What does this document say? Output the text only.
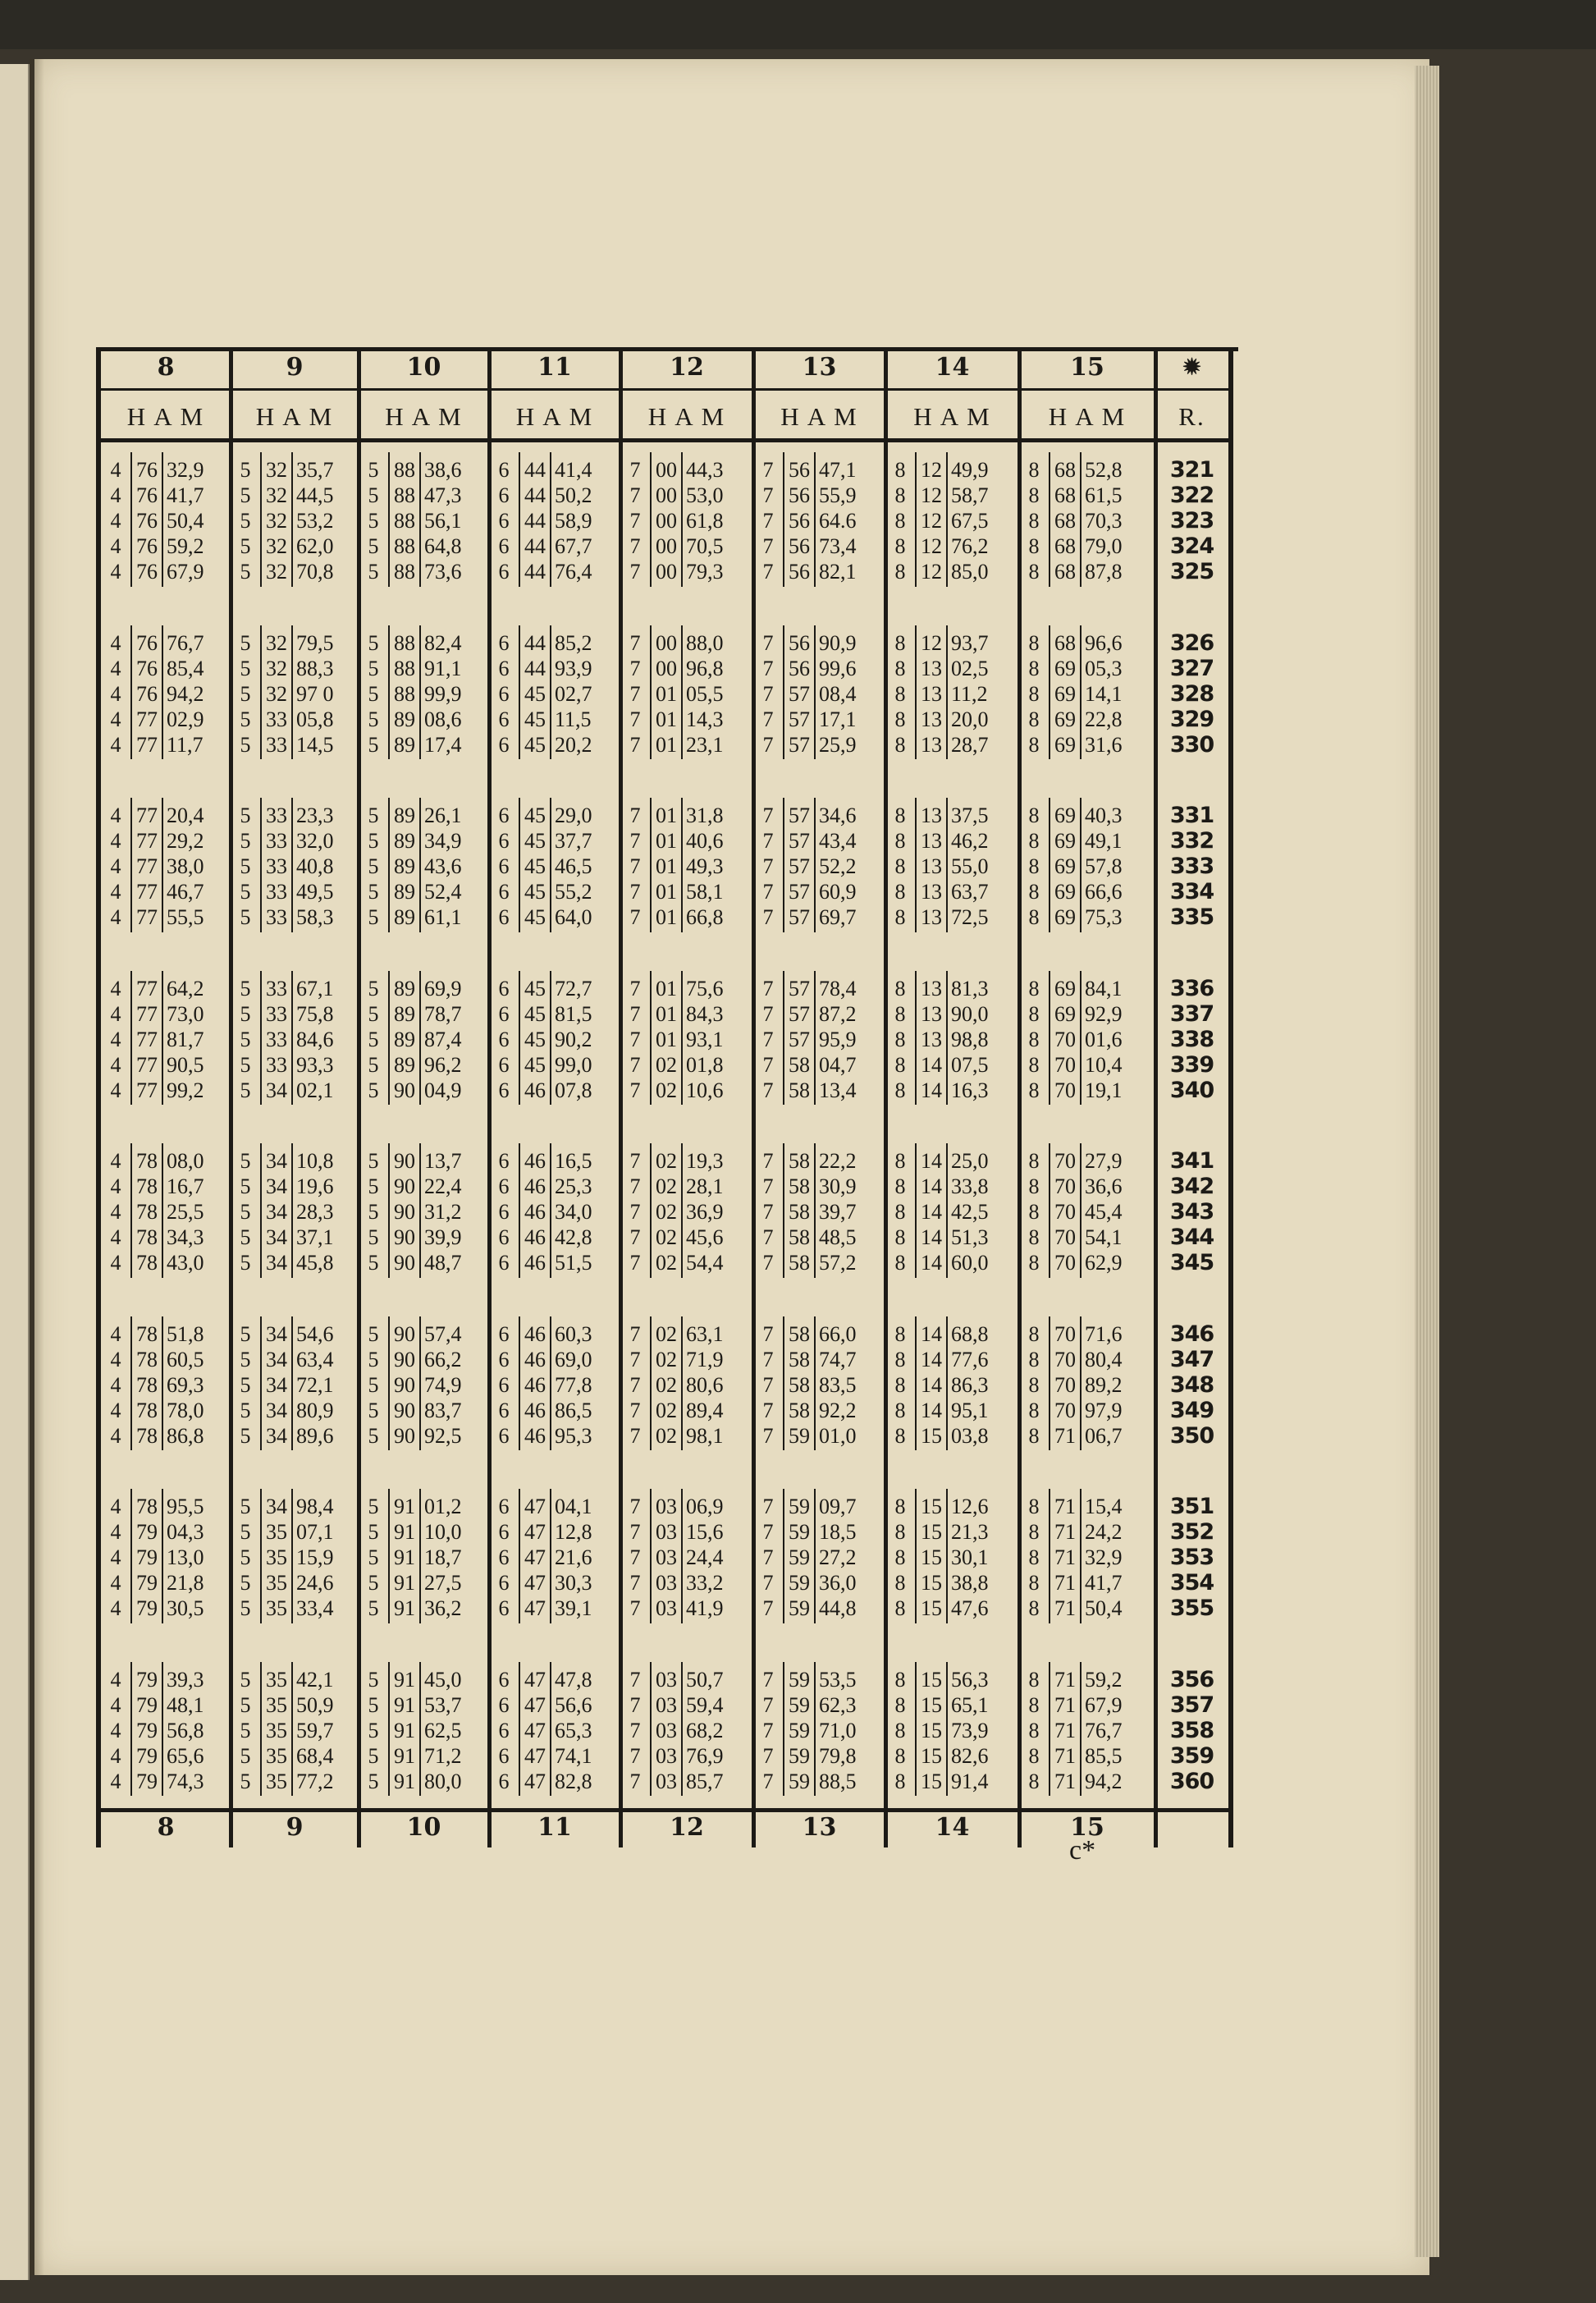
8	9	10	11	12	13	14	15
8	9	10	11	12	13	14	15
🟒
H A M	H A M	H A M	H A M	H A M	H A M	H A M	H A M	R.
4 76 32,9	5 32 35,7	5 88 38,6	6 44 41,4	7 00 44,3	7 56 47,1	8 12 49,9	8 68 52,8	321
4 76 41,7	5 32 44,5	5 88 47,3	6 44 50,2	7 00 53,0	7 56 55,9	8 12 58,7	8 68 61,5	322
4 76 50,4	5 32 53,2	5 88 56,1	6 44 58,9	7 00 61,8	7 56 64.6	8 12 67,5	8 68 70,3	323
4 76 59,2	5 32 62,0	5 88 64,8	6 44 67,7	7 00 70,5	7 56 73,4	8 12 76,2	8 68 79,0	324
4 76 67,9	5 32 70,8	5 88 73,6	6 44 76,4	7 00 79,3	7 56 82,1	8 12 85,0	8 68 87,8	325
4 76 76,7	5 32 79,5	5 88 82,4	6 44 85,2	7 00 88,0	7 56 90,9	8 12 93,7	8 68 96,6	326
4 76 85,4	5 32 88,3	5 88 91,1	6 44 93,9	7 00 96,8	7 56 99,6	8 13 02,5	8 69 05,3	327
4 76 94,2	5 32 97 0	5 88 99,9	6 45 02,7	7 01 05,5	7 57 08,4	8 13 11,2	8 69 14,1	328
4 77 02,9	5 33 05,8	5 89 08,6	6 45 11,5	7 01 14,3	7 57 17,1	8 13 20,0	8 69 22,8	329
4 77 11,7	5 33 14,5	5 89 17,4	6 45 20,2	7 01 23,1	7 57 25,9	8 13 28,7	8 69 31,6	330
4 77 20,4	5 33 23,3	5 89 26,1	6 45 29,0	7 01 31,8	7 57 34,6	8 13 37,5	8 69 40,3	331
4 77 29,2	5 33 32,0	5 89 34,9	6 45 37,7	7 01 40,6	7 57 43,4	8 13 46,2	8 69 49,1	332
4 77 38,0	5 33 40,8	5 89 43,6	6 45 46,5	7 01 49,3	7 57 52,2	8 13 55,0	8 69 57,8	333
4 77 46,7	5 33 49,5	5 89 52,4	6 45 55,2	7 01 58,1	7 57 60,9	8 13 63,7	8 69 66,6	334
4 77 55,5	5 33 58,3	5 89 61,1	6 45 64,0	7 01 66,8	7 57 69,7	8 13 72,5	8 69 75,3	335
4 77 64,2	5 33 67,1	5 89 69,9	6 45 72,7	7 01 75,6	7 57 78,4	8 13 81,3	8 69 84,1	336
4 77 73,0	5 33 75,8	5 89 78,7	6 45 81,5	7 01 84,3	7 57 87,2	8 13 90,0	8 69 92,9	337
4 77 81,7	5 33 84,6	5 89 87,4	6 45 90,2	7 01 93,1	7 57 95,9	8 13 98,8	8 70 01,6	338
4 77 90,5	5 33 93,3	5 89 96,2	6 45 99,0	7 02 01,8	7 58 04,7	8 14 07,5	8 70 10,4	339
4 77 99,2	5 34 02,1	5 90 04,9	6 46 07,8	7 02 10,6	7 58 13,4	8 14 16,3	8 70 19,1	340
4 78 08,0	5 34 10,8	5 90 13,7	6 46 16,5	7 02 19,3	7 58 22,2	8 14 25,0	8 70 27,9	341
4 78 16,7	5 34 19,6	5 90 22,4	6 46 25,3	7 02 28,1	7 58 30,9	8 14 33,8	8 70 36,6	342
4 78 25,5	5 34 28,3	5 90 31,2	6 46 34,0	7 02 36,9	7 58 39,7	8 14 42,5	8 70 45,4	343
4 78 34,3	5 34 37,1	5 90 39,9	6 46 42,8	7 02 45,6	7 58 48,5	8 14 51,3	8 70 54,1	344
4 78 43,0	5 34 45,8	5 90 48,7	6 46 51,5	7 02 54,4	7 58 57,2	8 14 60,0	8 70 62,9	345
4 78 51,8	5 34 54,6	5 90 57,4	6 46 60,3	7 02 63,1	7 58 66,0	8 14 68,8	8 70 71,6	346
4 78 60,5	5 34 63,4	5 90 66,2	6 46 69,0	7 02 71,9	7 58 74,7	8 14 77,6	8 70 80,4	347
4 78 69,3	5 34 72,1	5 90 74,9	6 46 77,8	7 02 80,6	7 58 83,5	8 14 86,3	8 70 89,2	348
4 78 78,0	5 34 80,9	5 90 83,7	6 46 86,5	7 02 89,4	7 58 92,2	8 14 95,1	8 70 97,9	349
4 78 86,8	5 34 89,6	5 90 92,5	6 46 95,3	7 02 98,1	7 59 01,0	8 15 03,8	8 71 06,7	350
4 78 95,5	5 34 98,4	5 91 01,2	6 47 04,1	7 03 06,9	7 59 09,7	8 15 12,6	8 71 15,4	351
4 79 04,3	5 35 07,1	5 91 10,0	6 47 12,8	7 03 15,6	7 59 18,5	8 15 21,3	8 71 24,2	352
4 79 13,0	5 35 15,9	5 91 18,7	6 47 21,6	7 03 24,4	7 59 27,2	8 15 30,1	8 71 32,9	353
4 79 21,8	5 35 24,6	5 91 27,5	6 47 30,3	7 03 33,2	7 59 36,0	8 15 38,8	8 71 41,7	354
4 79 30,5	5 35 33,4	5 91 36,2	6 47 39,1	7 03 41,9	7 59 44,8	8 15 47,6	8 71 50,4	355
4 79 39,3	5 35 42,1	5 91 45,0	6 47 47,8	7 03 50,7	7 59 53,5	8 15 56,3	8 71 59,2	356
4 79 48,1	5 35 50,9	5 91 53,7	6 47 56,6	7 03 59,4	7 59 62,3	8 15 65,1	8 71 67,9	357
4 79 56,8	5 35 59,7	5 91 62,5	6 47 65,3	7 03 68,2	7 59 71,0	8 15 73,9	8 71 76,7	358
4 79 65,6	5 35 68,4	5 91 71,2	6 47 74,1	7 03 76,9	7 59 79,8	8 15 82,6	8 71 85,5	359
4 79 74,3	5 35 77,2	5 91 80,0	6 47 82,8	7 03 85,7	7 59 88,5	8 15 91,4	8 71 94,2	360
c*
